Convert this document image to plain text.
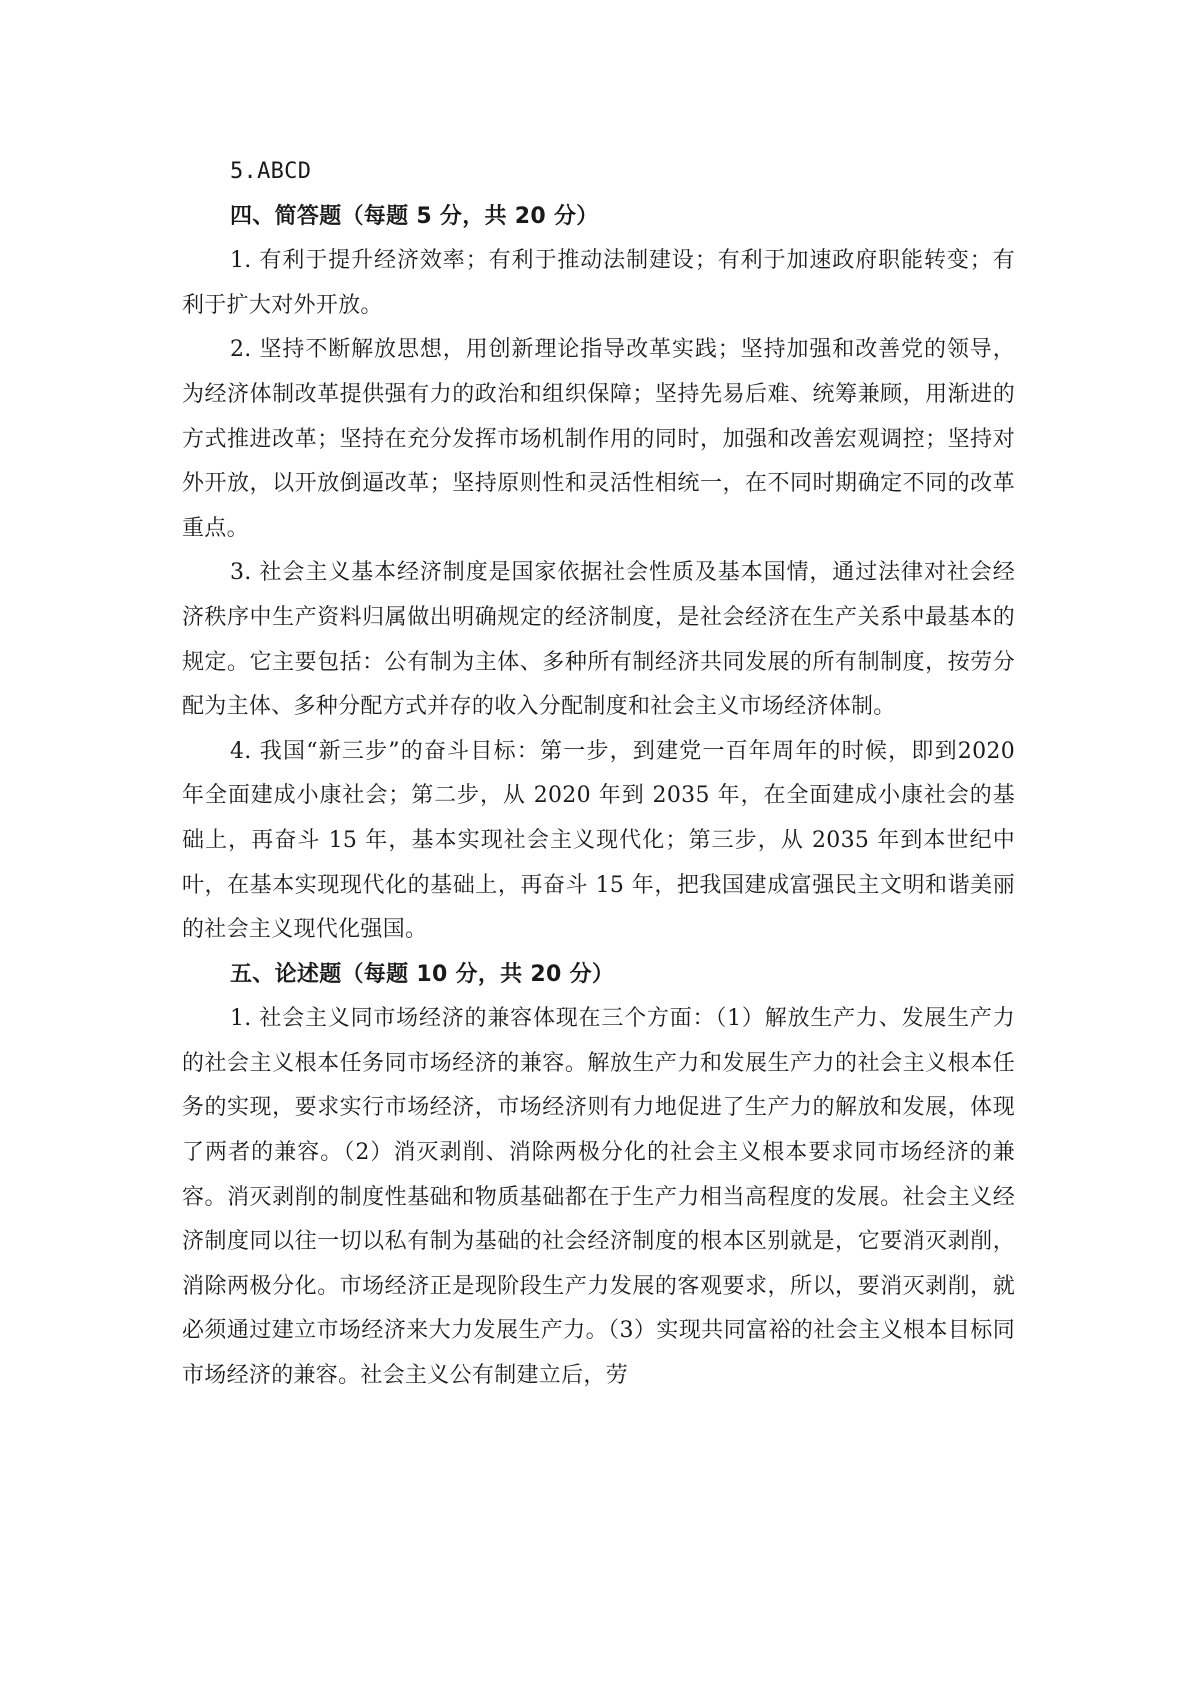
5.ABCD

四、简答题（每题 5 分，共 20 分）

1. 有利于提升经济效率；有利于推动法制建设；有利于加速政府职能转变；有利于扩大对外开放。

2. 坚持不断解放思想，用创新理论指导改革实践；坚持加强和改善党的领导，为经济体制改革提供强有力的政治和组织保障；坚持先易后难、统筹兼顾，用渐进的方式推进改革；坚持在充分发挥市场机制作用的同时，加强和改善宏观调控；坚持对外开放，以开放倒逼改革；坚持原则性和灵活性相统一，在不同时期确定不同的改革重点。

3. 社会主义基本经济制度是国家依据社会性质及基本国情，通过法律对社会经济秩序中生产资料归属做出明确规定的经济制度，是社会经济在生产关系中最基本的规定。它主要包括：公有制为主体、多种所有制经济共同发展的所有制制度，按劳分配为主体、多种分配方式并存的收入分配制度和社会主义市场经济体制。

4. 我国“新三步”的奋斗目标：第一步，到建党一百年周年的时候，即到2020 年全面建成小康社会；第二步，从 2020 年到 2035 年，在全面建成小康社会的基础上，再奋斗 15 年，基本实现社会主义现代化；第三步，从 2035 年到本世纪中叶，在基本实现现代化的基础上，再奋斗 15 年，把我国建成富强民主文明和谐美丽的社会主义现代化强国。

五、论述题（每题 10 分，共 20 分）

1. 社会主义同市场经济的兼容体现在三个方面：（1）解放生产力、发展生产力的社会主义根本任务同市场经济的兼容。解放生产力和发展生产力的社会主义根本任务的实现，要求实行市场经济，市场经济则有力地促进了生产力的解放和发展，体现了两者的兼容。（2）消灭剥削、消除两极分化的社会主义根本要求同市场经济的兼容。消灭剥削的制度性基础和物质基础都在于生产力相当高程度的发展。社会主义经济制度同以往一切以私有制为基础的社会经济制度的根本区别就是，它要消灭剥削，消除两极分化。市场经济正是现阶段生产力发展的客观要求，所以，要消灭剥削，就必须通过建立市场经济来大力发展生产力。（3）实现共同富裕的社会主义根本目标同市场经济的兼容。社会主义公有制建立后，劳
